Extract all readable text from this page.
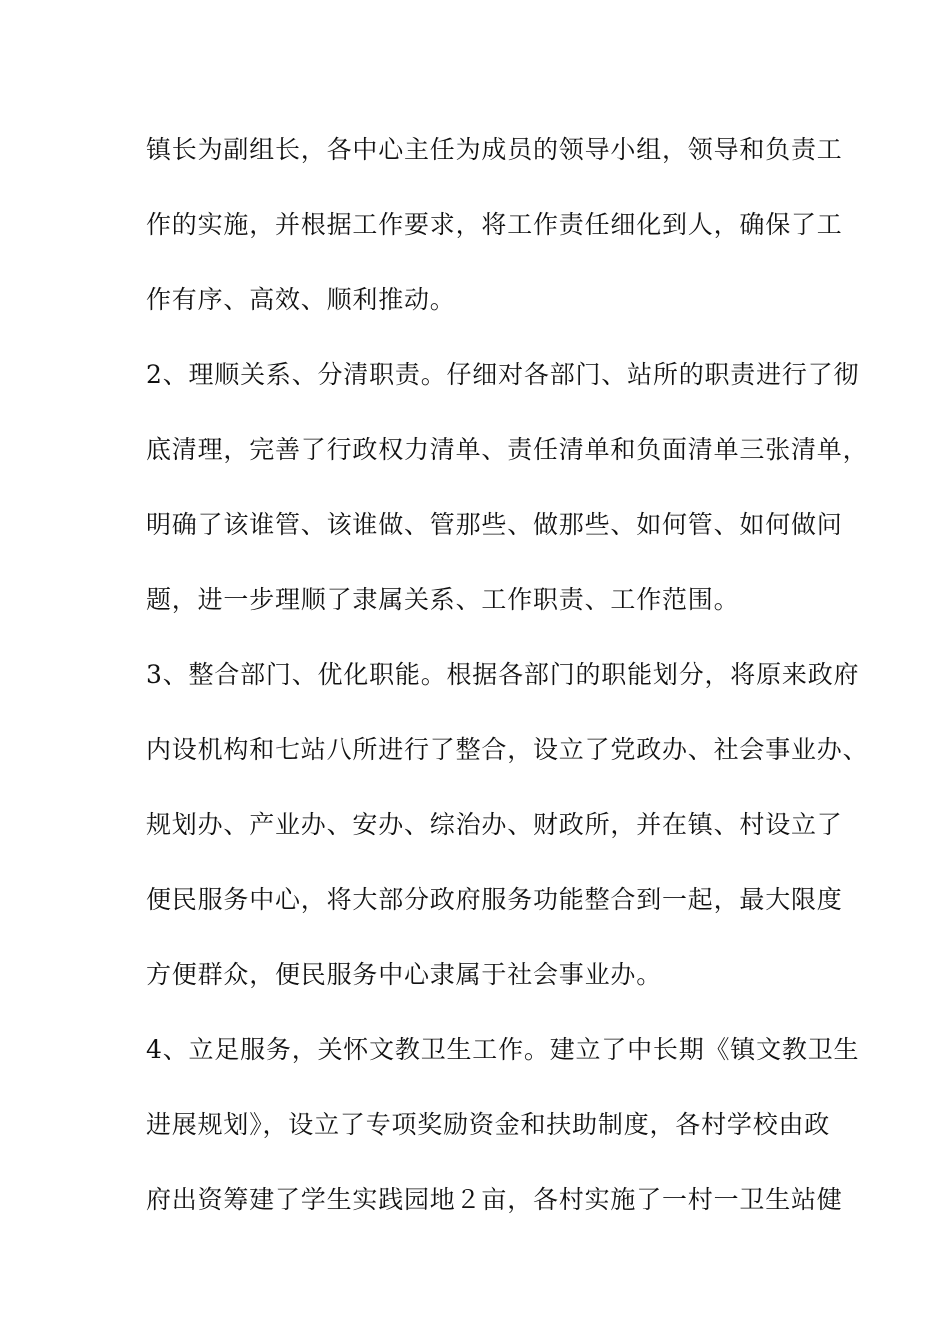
镇长为副组长，各中心主任为成员的领导小组，领导和负责工
作的实施，并根据工作要求，将工作责任细化到人，确保了工
作有序、高效、顺利推动。
2、理顺关系、分清职责。仔细对各部门、站所的职责进行了彻
底清理，完善了行政权力清单、责任清单和负面清单三张清单，
明确了该谁管、该谁做、管那些、做那些、如何管、如何做问
题，进一步理顺了隶属关系、工作职责、工作范围。
3、整合部门、优化职能。根据各部门的职能划分，将原来政府
内设机构和七站八所进行了整合，设立了党政办、社会事业办、
规划办、产业办、安办、综治办、财政所，并在镇、村设立了
便民服务中心，将大部分政府服务功能整合到一起，最大限度
方便群众，便民服务中心隶属于社会事业办。
4、立足服务，关怀文教卫生工作。建立了中长期《镇文教卫生
进展规划》，设立了专项奖励资金和扶助制度，各村学校由政
府出资筹建了学生实践园地２亩，各村实施了一村一卫生站健
